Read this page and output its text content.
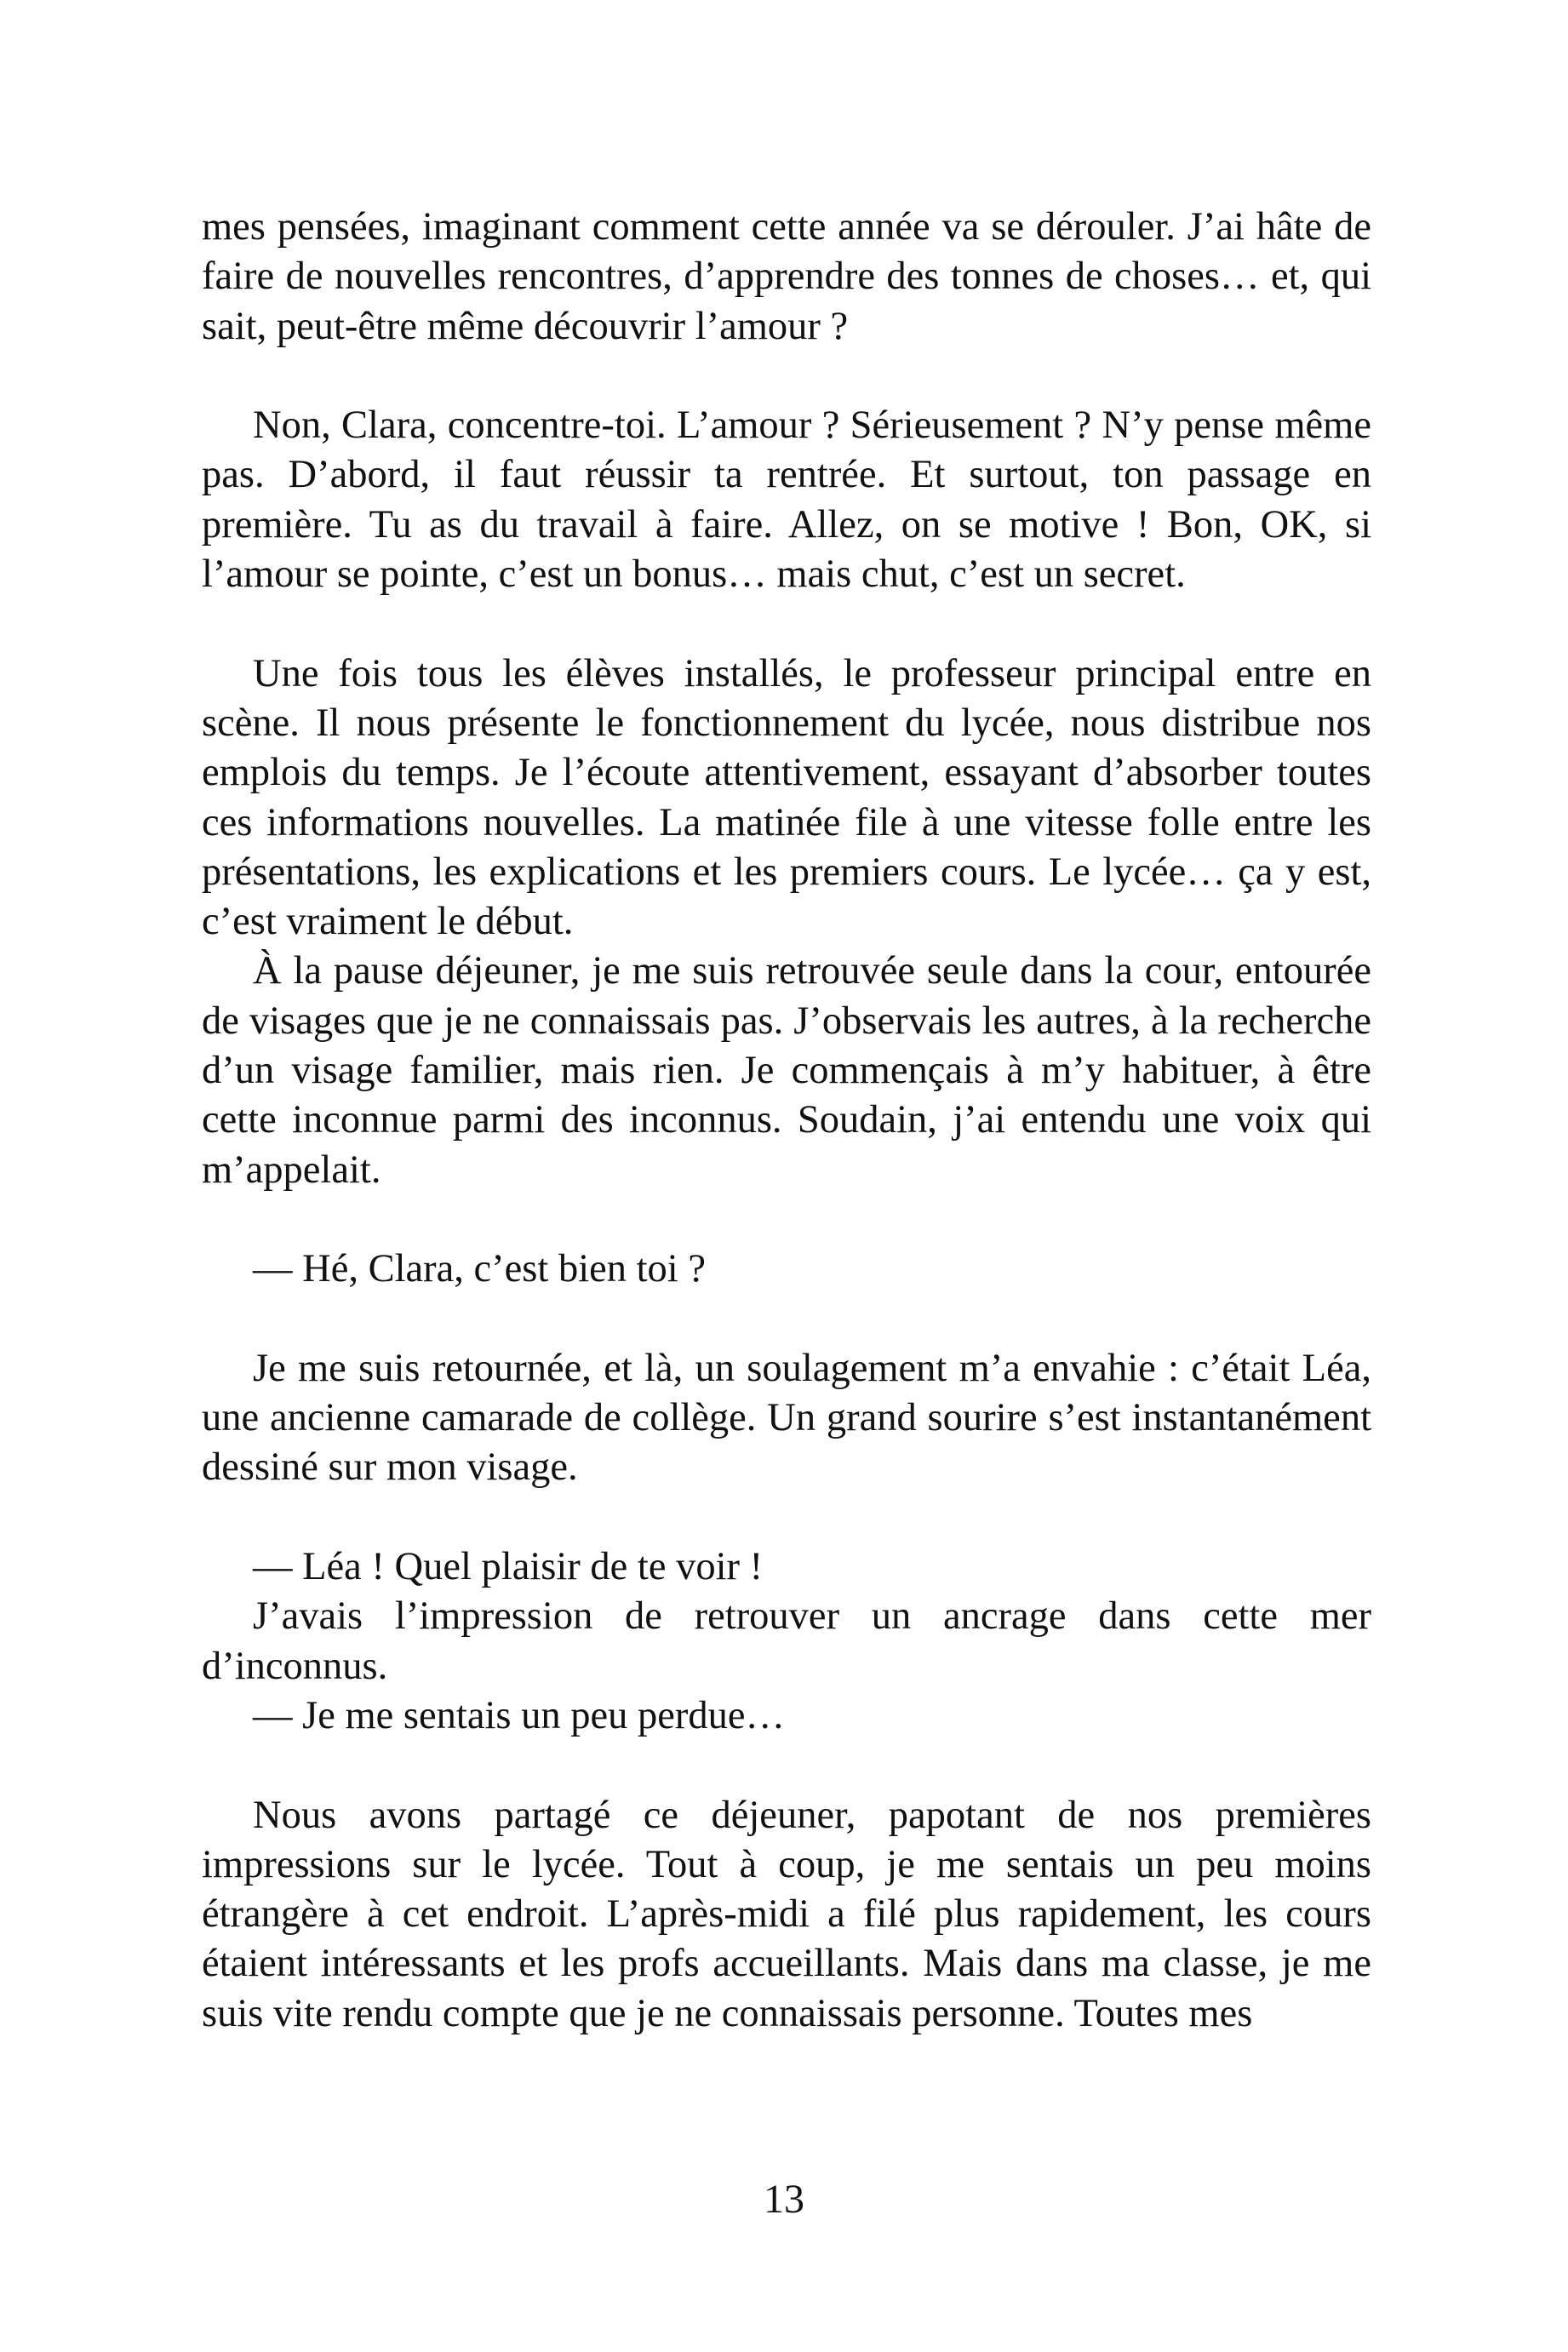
mes pensées, imaginant comment cette année va se dérouler. J’ai hâte de faire de nouvelles rencontres, d’apprendre des tonnes de choses… et, qui sait, peut-être même découvrir l’amour ?

Non, Clara, concentre-toi. L’amour ? Sérieusement ? N’y pense même pas. D’abord, il faut réussir ta rentrée. Et surtout, ton passage en première. Tu as du travail à faire. Allez, on se motive ! Bon, OK, si l’amour se pointe, c’est un bonus… mais chut, c’est un secret.

Une fois tous les élèves installés, le professeur principal entre en scène. Il nous présente le fonctionnement du lycée, nous distribue nos emplois du temps. Je l’écoute attentivement, essayant d’absorber toutes ces informations nouvelles. La matinée file à une vitesse folle entre les présentations, les explications et les premiers cours. Le lycée… ça y est, c’est vraiment le début.

À la pause déjeuner, je me suis retrouvée seule dans la cour, entourée de visages que je ne connaissais pas. J’observais les autres, à la recherche d’un visage familier, mais rien. Je commençais à m’y habituer, à être cette inconnue parmi des inconnus. Soudain, j’ai entendu une voix qui m’appelait.

— Hé, Clara, c’est bien toi ?

Je me suis retournée, et là, un soulagement m’a envahie : c’était Léa, une ancienne camarade de collège. Un grand sourire s’est instantanément dessiné sur mon visage.

— Léa ! Quel plaisir de te voir !

J’avais l’impression de retrouver un ancrage dans cette mer d’inconnus.

— Je me sentais un peu perdue…

Nous avons partagé ce déjeuner, papotant de nos premières impressions sur le lycée. Tout à coup, je me sentais un peu moins étrangère à cet endroit. L’après-midi a filé plus rapidement, les cours étaient intéressants et les profs accueillants. Mais dans ma classe, je me suis vite rendu compte que je ne connaissais personne. Toutes mes

13
